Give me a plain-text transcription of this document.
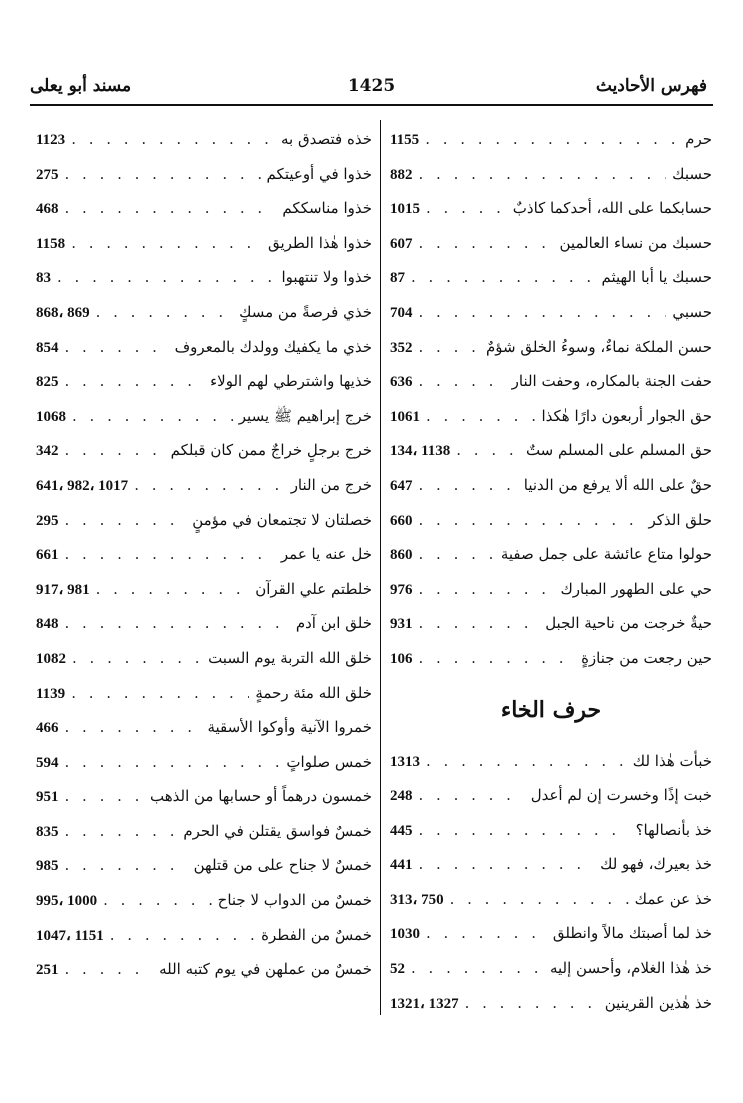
1425	فهرس الأحاديث
مسند أبو يعلى
حرم
. . .
1155
حسبك
. . .
882
حسابكما على الله، أحدكما كاذبٌ
. . .
1015
حسبك من نساء العالمين
. . .
607
حسبك يا أبا الهيثم
. . .
87
حسبي
. . .
704
حسن الملكة نماءٌ، وسوءُ الخلق شؤمٌ
. . .
352
حفت الجنة بالمكاره، وحفت النار
. . .
636
حق الجوار أربعون دارًا هٰكذا
. . .
1061
حق المسلم على المسلم ستٌ
. . .
134، 1138
حقٌ على الله ألا يرفع من الدنيا
. . .
647
حلق الذكر
. . .
660
حولوا متاع عائشة على جمل صفية
. . .
860
حي على الطهور المبارك
. . .
976
حيةٌ خرجت من ناحية الجبل
. . .
931
حين رجعت من جنازةٍ
. . .
106
حرف الخاء
خبأت هٰذا لك
. . .
1313
خبت إذًا وخسرت إن لم أعدل
. . .
248
خذ بأنصالها؟
. . .
445
خذ بعيرك، فهو لك
. . .
441
خذ عن عمك
. . .
313، 750
خذ لما أصبتك مالاً وانطلق
. . .
1030
خذ هٰذا الغلام، وأحسن إليه
. . .
52
خذ هٰذين القرينين
. . .
1321، 1327
خذه فتصدق به
. . .
1123
خذوا في أوعيتكم
. . .
275
خذوا مناسككم
. . .
468
خذوا هٰذا الطريق
. . .
1158
خذوا ولا تنتهبوا
. . .
83
خذي فرصةً من مسكٍ
. . .
868، 869
خذي ما يكفيك وولدك بالمعروف
. . .
854
خذيها واشترطي لهم الولاء
. . .
825
خرج إبراهيم ﷺ يسير
. . .
1068
خرج برجلٍ خراجٌ ممن كان قبلكم
. . .
342
خرج من النار
. . .
641، 982، 1017
خصلتان لا تجتمعان في مؤمنٍ
. . .
295
خل عنه يا عمر
. . .
661
خلطتم علي القرآن
. . .
917، 981
خلق ابن آدم
. . .
848
خلق الله التربة يوم السبت
. . .
1082
خلق الله مئة رحمةٍ
. . .
1139
خمروا الآنية وأوكوا الأسقية
. . .
466
خمس صلواتٍ
. . .
594
خمسون درهماً أو حسابها من الذهب
. . .
951
خمسٌ فواسق يقتلن في الحرم
. . .
835
خمسٌ لا جناح على من قتلهن
. . .
985
خمسٌ من الدواب لا جناح
. . .
995، 1000
خمسٌ من الفطرة
. . .
1047، 1151
خمسٌ من عملهن في يوم كتبه الله
. . .
251
